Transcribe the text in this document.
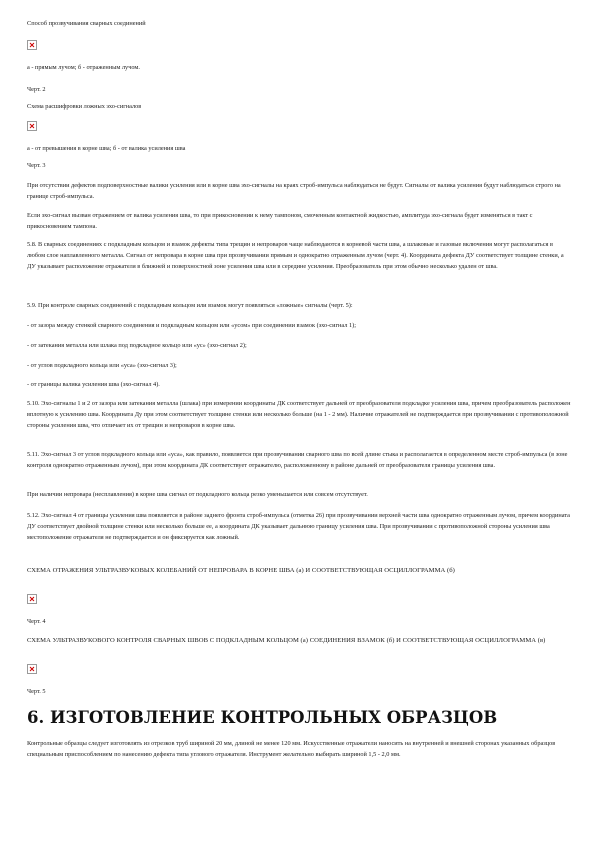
Способ прозвучивания сварных соединений

а - прямым лучом; б - отраженным лучом.

Черт. 2

Схема расшифровки ложных эхо-сигналов

а - от превышения в корне шва; б - от валика усиления шва

Черт. 3

При отсутствии дефектов подповерхностные валики усиления или в корне шва эхо-сигналы на краях строб-импульса наблюдаться не будут. Сигналы от валика усиления будут наблюдаться строго на границе строб-импульса.

Если эхо-сигнал вызван отражением от валика усиления шва, то при прикосновении к нему тампоном, смоченным контактной жидкостью, амплитуда эхо-сигнала будет изменяться в такт с прикосновением тампона.

5.8. В сварных соединениях с подкладным кольцом и взамок дефекты типа трещин и непроваров чаще наблюдаются в корневой части шва, а шлаковые и газовые включения могут располагаться в любом слое наплавленного металла. Сигнал от непровара в корне шва при прозвучивании прямым и однократно отраженным лучом (черт. 4). Координата дефекта ДУ соответствует толщине стенки, а ДУ указывает расположение отражателя в ближней и поверхностной зоне усиления шва или в середине усиления. Преобразователь при этом обычно несколько удален от шва.

5.9. При контроле сварных соединений с подкладным кольцом или взамок могут появляться «ложные» сигналы (черт. 5):

- от зазора между стенкой сварного соединения и подкладным кольцом или «усом» при соединении взамок (эхо-сигнал 1);

- от затекания металла или шлака под подкладное кольцо или «ус» (эхо-сигнал 2);

- от углов подкладного кольца или «уса» (эхо-сигнал 3);

- от границы валика усиления шва (эхо-сигнал 4).

5.10. Эхо-сигналы 1 и 2 от зазора или затекания металла (шлака) при измерении координаты ДК соответствует дальней от преобразователя подкладке усиления шва, причем преобразователь расположен вплотную к усилению шва. Координата Ду при этом соответствует толщине стенки или несколько больше (на 1 - 2 мм). Наличие отражателей не подтверждается при прозвучивании с противоположной стороны усиления шва, что отличает их от трещин и непроваров в корне шва.

5.11. Эхо-сигнал 3 от углов подкладного кольца или «уса», как правило, появляется при прозвучивании сварного шва по всей длине стыка и располагается в определенном месте строб-импульса (в зоне контроля однократно отраженным лучом), при этом координата ДК соответствует отражателю, расположенному в районе дальней от преобразователя границы усиления шва.

При наличии непровара (несплавления) в корне шва сигнал от подкладного кольца резко уменьшается или совсем отсутствует.

5.12. Эхо-сигнал 4 от границы усиления шва появляется в районе заднего фронта строб-импульса (отметка 26) при прозвучивании верхней части шва однократно отраженным лучом, причем координата ДУ соответствует двойной толщине стенки или несколько больше ее, а координата ДК указывает дальнюю границу усиления шва. При прозвучивании с противоположной стороны усиления шва местоположение отражателя не подтверждается и он фиксируется как ложный.

СХЕМА ОТРАЖЕНИЯ УЛЬТРАЗВУКОВЫХ КОЛЕБАНИЙ ОТ НЕПРОВАРА В КОРНЕ ШВА (а) И СООТВЕТСТВУЮЩАЯ ОСЦИЛЛОГРАММА (б)

Черт. 4

СХЕМА УЛЬТРАЗВУКОВОГО КОНТРОЛЯ СВАРНЫХ ШВОВ С ПОДКЛАДНЫМ КОЛЬЦОМ (а) СОЕДИНЕНИЯ ВЗАМОК (б) И СООТВЕТСТВУЮЩАЯ ОСЦИЛЛОГРАММА (в)

Черт. 5

6. ИЗГОТОВЛЕНИЕ КОНТРОЛЬНЫХ ОБРАЗЦОВ

Контрольные образцы следует изготовлять из отрезков труб шириной 20 мм, длиной не менее 120 мм. Искусственные отражатели наносить на внутренней и внешней сторонах указанных образцов специальным приспособлением по нанесению дефекта типа углового отражателя. Инструмент желательно выбирать шириной 1,5 - 2,0 мм.
